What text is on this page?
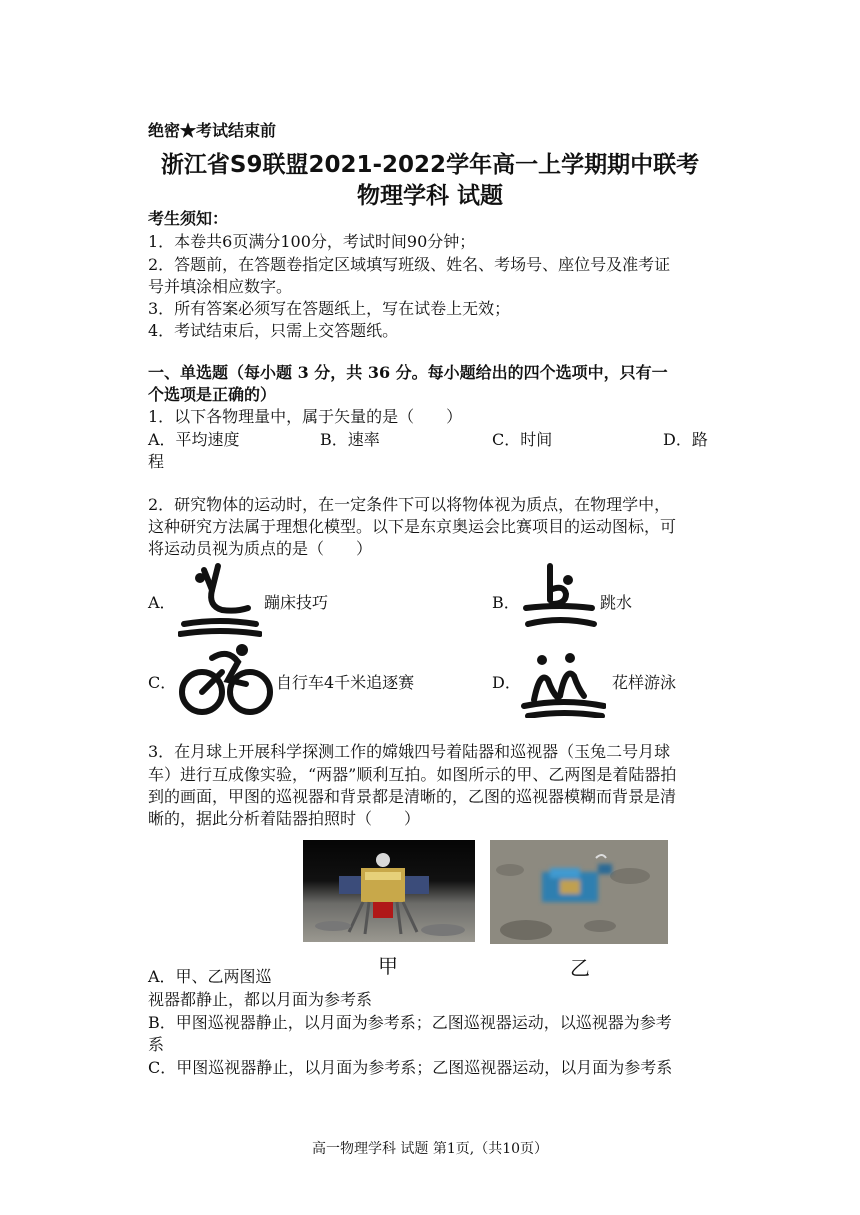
绝密★考试结束前
浙江省S9联盟2021-2022学年高一上学期期中联考
物理学科 试题
考生须知：
1．本卷共6页满分100分，考试时间90分钟；
2．答题前，在答题卷指定区域填写班级、姓名、考场号、座位号及准考证
号并填涂相应数字。
3．所有答案必须写在答题纸上，写在试卷上无效；
4．考试结束后，只需上交答题纸。
一、单选题（每小题 3 分，共 36 分。每小题给出的四个选项中，只有一
个选项是正确的）
1．以下各物理量中，属于矢量的是（　　）
A．平均速度	B．速率	C．时间	D．路
程
2．研究物体的运动时，在一定条件下可以将物体视为质点，在物理学中，
这种研究方法属于理想化模型。以下是东京奥运会比赛项目的运动图标，可
将运动员视为质点的是（　　）
A．	蹦床技巧	B．	跳水
C．	自行车4千米追逐赛	D．	花样游泳
3．在月球上开展科学探测工作的嫦娥四号着陆器和巡视器（玉兔二号月球
车）进行互成像实验，“两器”顺利互拍。如图所示的甲、乙两图是着陆器拍
到的画面，甲图的巡视器和背景都是清晰的，乙图的巡视器模糊而背景是清
晰的，据此分析着陆器拍照时（　　）
甲	乙
A．甲、乙两图巡
视器都静止，都以月面为参考系
B．甲图巡视器静止，以月面为参考系；乙图巡视器运动，以巡视器为参考
系
C．甲图巡视器静止，以月面为参考系；乙图巡视器运动，以月面为参考系
高一物理学科 试题 第1页,（共10页）
